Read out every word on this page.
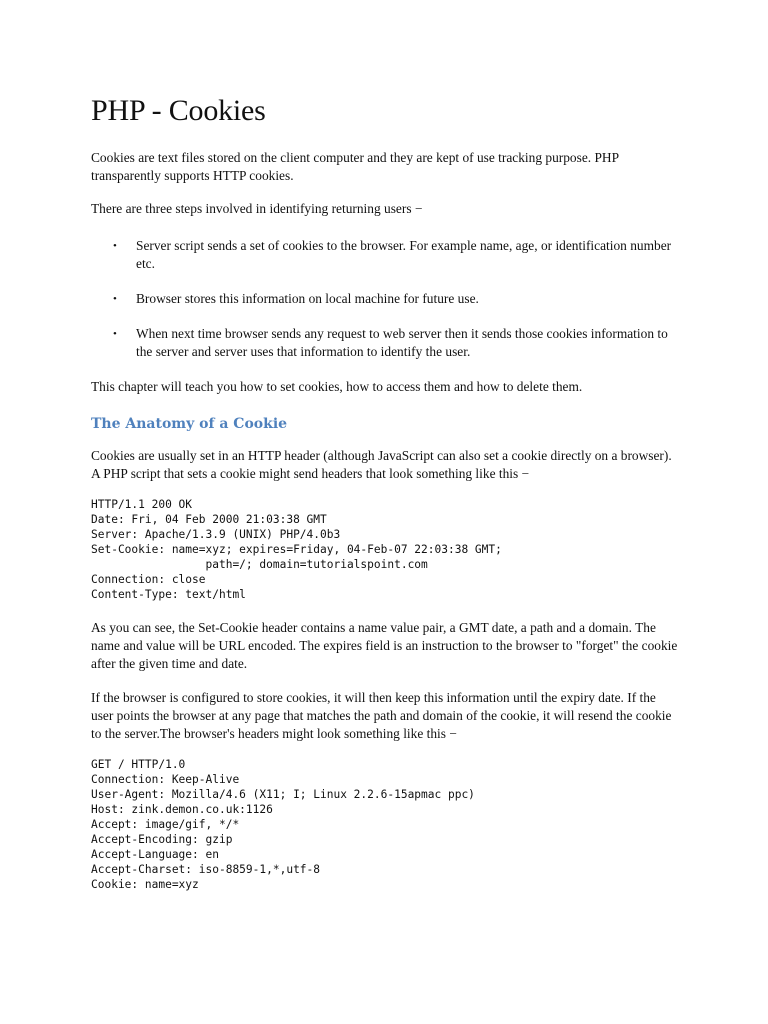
PHP - Cookies

Cookies are text files stored on the client computer and they are kept of use tracking purpose. PHP transparently supports HTTP cookies.

There are three steps involved in identifying returning users −

• Server script sends a set of cookies to the browser. For example name, age, or identification number etc.
• Browser stores this information on local machine for future use.
• When next time browser sends any request to web server then it sends those cookies information to the server and server uses that information to identify the user.

This chapter will teach you how to set cookies, how to access them and how to delete them.

The Anatomy of a Cookie

Cookies are usually set in an HTTP header (although JavaScript can also set a cookie directly on a browser). A PHP script that sets a cookie might send headers that look something like this −

HTTP/1.1 200 OK
Date: Fri, 04 Feb 2000 21:03:38 GMT
Server: Apache/1.3.9 (UNIX) PHP/4.0b3
Set-Cookie: name=xyz; expires=Friday, 04-Feb-07 22:03:38 GMT;
path=/; domain=tutorialspoint.com
Connection: close
Content-Type: text/html

As you can see, the Set-Cookie header contains a name value pair, a GMT date, a path and a domain. The name and value will be URL encoded. The expires field is an instruction to the browser to "forget" the cookie after the given time and date.

If the browser is configured to store cookies, it will then keep this information until the expiry date. If the user points the browser at any page that matches the path and domain of the cookie, it will resend the cookie to the server.The browser's headers might look something like this −

GET / HTTP/1.0
Connection: Keep-Alive
User-Agent: Mozilla/4.6 (X11; I; Linux 2.2.6-15apmac ppc)
Host: zink.demon.co.uk:1126
Accept: image/gif, */*
Accept-Encoding: gzip
Accept-Language: en
Accept-Charset: iso-8859-1,*,utf-8
Cookie: name=xyz
